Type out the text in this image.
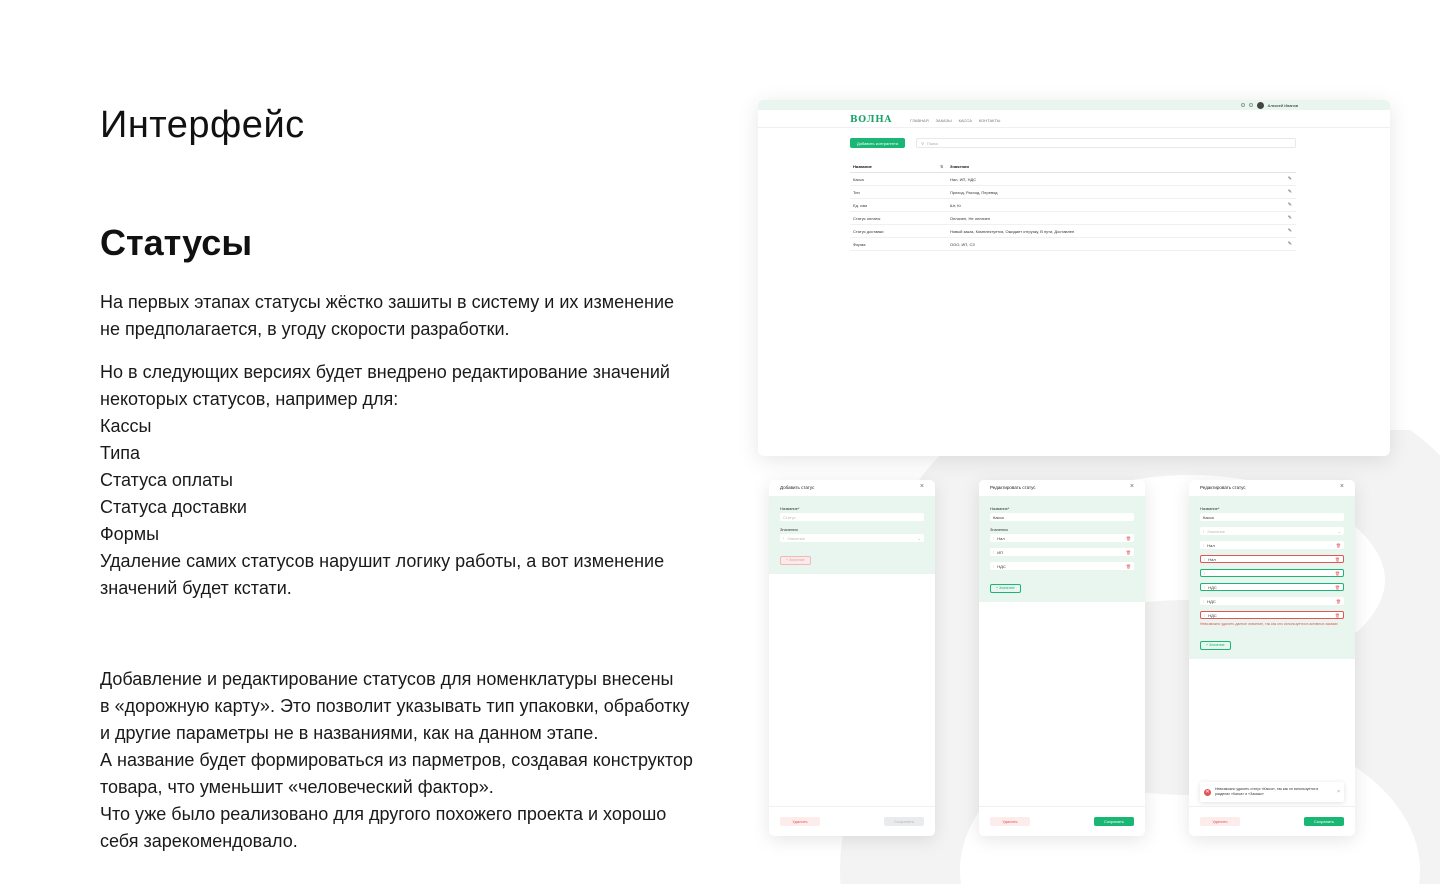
Интерфейс
Статусы
На первых этапах статусы жёстко зашиты в систему и их изменение
не предполагается, в угоду скорости разработки.
Но в следующих версиях будет внедрено редактирование значений
некоторых статусов, например для:
Кассы
Типа
Статуса оплаты
Статуса доставки
Формы
Удаление самих статусов нарушит логику работы, а вот изменение
значений будет кстати.
Добавление и редактирование статусов для номенклатуры внесены
в «дорожную карту». Это позволит указывать тип упаковки, обработку
и другие параметры не в названиями, как на данном этапе.
А название будет формироваться из парметров, создавая конструктор
товара, что уменьшит «человеческий фактор».
Что уже было реализовано для другого похожего проекта и хорошо
себя зарекомендовало.
Алексей Иванов
ВОЛНА	ГЛАВНАЯ ЗАКАЗЫ КАССА КОНТАКТЫ
Добавить контрагента	⚲ Поиск
Название	⇅ Значения
Касса	Нал, ИП, НДС	✎
Тип	Приход, Расход, Перевод	✎
Ед. изм	Шт, Кг	✎
Статус оплаты	Оплачен, Не оплачен	✎
Статус доставки	Новый заказ, Комплектуется, Ожидает отгрузку, В пути, Доставлен	✎
Форма	ООО, ИП, СЗ	✎
Добавить статус	×
Название*
Статус
Значения
⁝ Значение	⌄
+ Значение
Удалить	Сохранить
Редактировать статус	×
Название*
Касса
Значения
⁝ Нал	🗑
⁝ ИП	🗑
⁝ НДС	🗑
+ Значение
Удалить	Сохранить
Редактировать статус	×
Название*
Касса
⁝ Значение	⌄
⁝ Нал	🗑
⁝ Нал	🗑
⁝	🗑
⁝ НДС	🗑
⁝ НДС	🗑
⁝ НДС	🗑
Невозможно удалить данное значение, так как оно используется в активных заказах
+ Значение
✕	Невозможно удалить статус «Касса», так как он используется в разделах «Касса» и «Заказы»	×
Удалить	Сохранить
